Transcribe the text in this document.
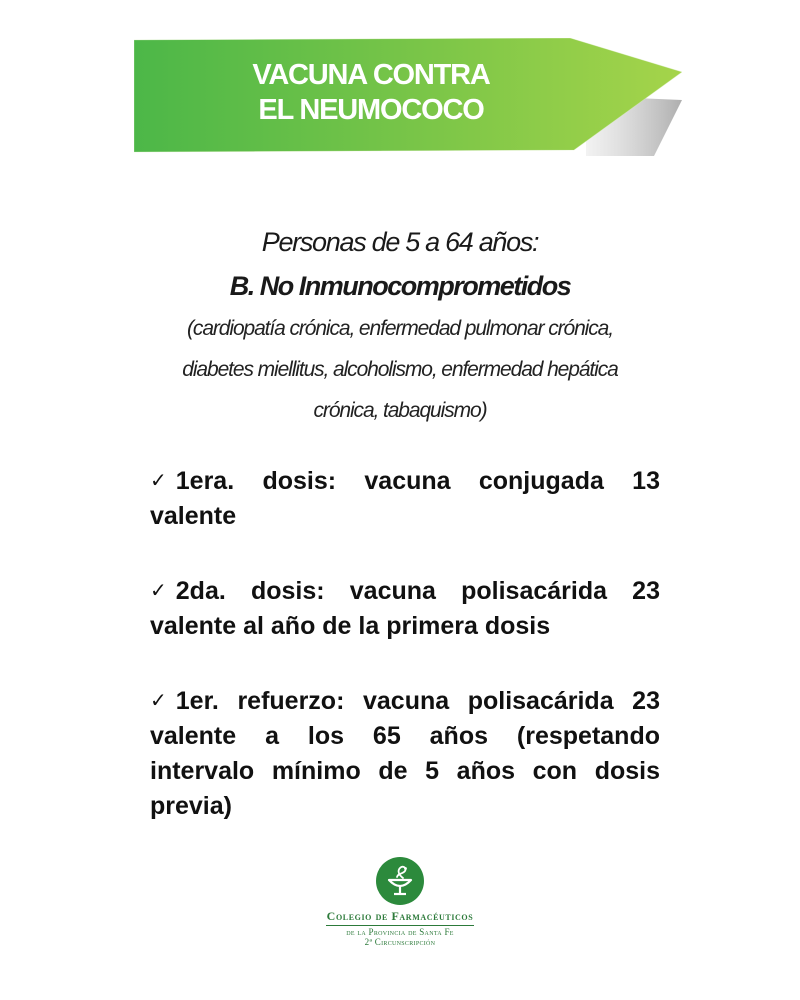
VACUNA CONTRA
EL NEUMOCOCO
Personas de 5 a 64 años:
B. No Inmunocomprometidos
(cardiopatía crónica, enfermedad pulmonar crónica,
diabetes miellitus, alcoholismo, enfermedad hepática
crónica, tabaquismo)

✓ 1era. dosis: vacuna conjugada 13 valente

✓ 2da. dosis: vacuna polisacárida 23 valente al año de la primera dosis

✓ 1er. refuerzo: vacuna polisacárida 23 valente a los 65 años (respetando intervalo mínimo de 5 años con dosis previa)

Colegio de Farmacéuticos
de la Provincia de Santa Fe
2ª Circunscripción
